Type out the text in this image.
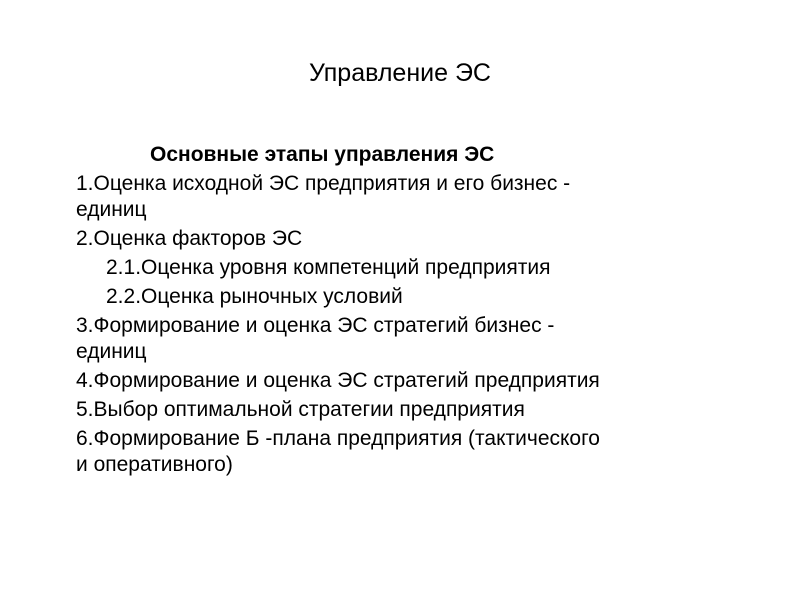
Управление ЭС
Основные этапы управления ЭС
1.Оценка исходной ЭС предприятия и его бизнес -
единиц
2.Оценка факторов ЭС
2.1.Оценка уровня компетенций предприятия
2.2.Оценка рыночных условий
3.Формирование и оценка ЭС стратегий бизнес -
единиц
4.Формирование и оценка ЭС стратегий предприятия
5.Выбор оптимальной стратегии предприятия
6.Формирование Б -плана предприятия (тактического
и оперативного)
